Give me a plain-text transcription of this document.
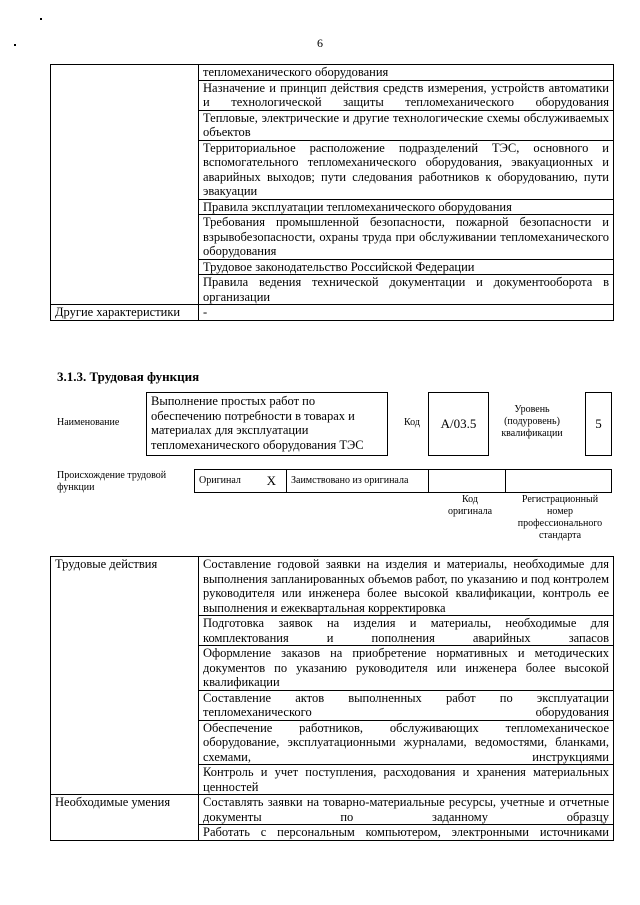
6
	тепломеханического оборудования
	Назначение и принцип действия средств измерения, устройств автоматики и технологической защиты тепломеханического оборудования
	Тепловые, электрические и другие технологические схемы обслуживаемых объектов
	Территориальное расположение подразделений ТЭС, основного и вспомогательного тепломеханического оборудования, эвакуационных и аварийных выходов; пути следования работников к оборудованию, пути эвакуации
	Правила эксплуатации тепломеханического оборудования
	Требования промышленной безопасности, пожарной безопасности и взрывобезопасности, охраны труда при обслуживании тепломеханического оборудования
	Трудовое законодательство Российской Федерации
	Правила ведения технической документации и документооборота в организации
Другие характеристики	-
3.1.3. Трудовая функция
Наименование
Выполнение простых работ по обеспечению потребности в товарах и материалах для эксплуатации тепломеханического оборудования ТЭС
Код	А/03.5
Уровень (подуровень) квалификации
5
Происхождение трудовой функции
Оригинал Х	Заимствовано из оригинала
Код оригинала
Регистрационный номер профессионального стандарта
Трудовые действия	Составление годовой заявки на изделия и материалы, необходимые для выполнения запланированных объемов работ, по указанию и под контролем руководителя или инженера более высокой квалификации, контроль ее выполнения и ежеквартальная корректировка
	Подготовка заявок на изделия и материалы, необходимые для комплектования и пополнения аварийных запасов
	Оформление заказов на приобретение нормативных и методических документов по указанию руководителя или инженера более высокой квалификации
	Составление актов выполненных работ по эксплуатации тепломеханического оборудования
	Обеспечение работников, обслуживающих тепломеханическое оборудование, эксплуатационными журналами, ведомостями, бланками, схемами, инструкциями
	Контроль и учет поступления, расходования и хранения материальных ценностей
Необходимые умения	Составлять заявки на товарно-материальные ресурсы, учетные и отчетные документы по заданному образцу
	Работать с персональным компьютером, электронными источниками
